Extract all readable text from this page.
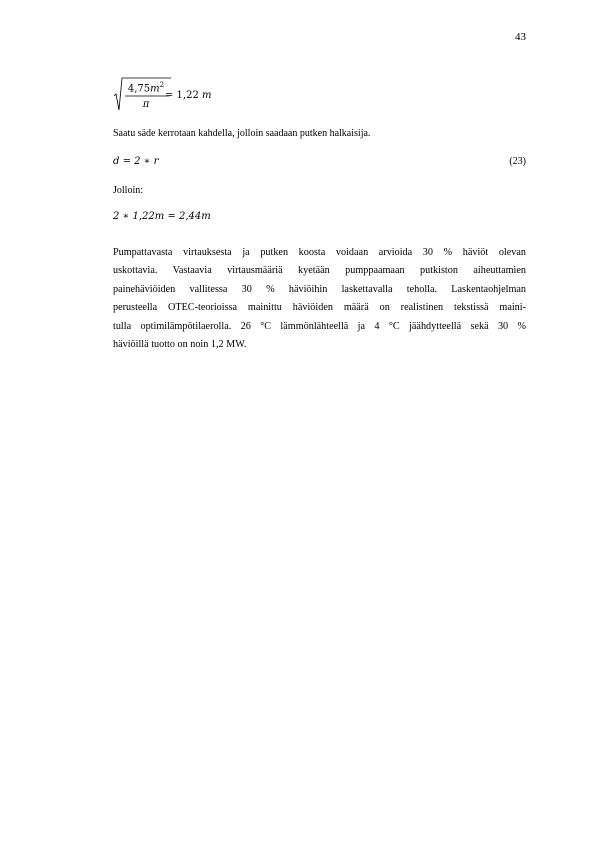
43
$4,75m^2$
π
= 1,22 m
Saatu säde kerrotaan kahdella, jolloin saadaan putken halkaisija.
d = 2 ∗ r	(23)
Jolloin:
2 ∗ 1,22m = 2,44m
Pumpattavasta virtauksesta ja putken koosta voidaan arvioida 30 % häviöt olevan
uskottavia. Vastaavia virtausmääriä kyetään pumppaamaan putkiston aiheuttamien
painehäviöiden vallitessa 30 % häviöihin laskettavalla teholla. Laskentaohjelman
perusteella OTEC-teorioissa mainittu häviöiden määrä on realistinen tekstissä maini-
tulla optimilämpötilaerolla. 26 °C lämmönlähteellä ja 4 °C jäähdytteellä sekä 30 %
häviöillä tuotto on noin 1,2 MW.
